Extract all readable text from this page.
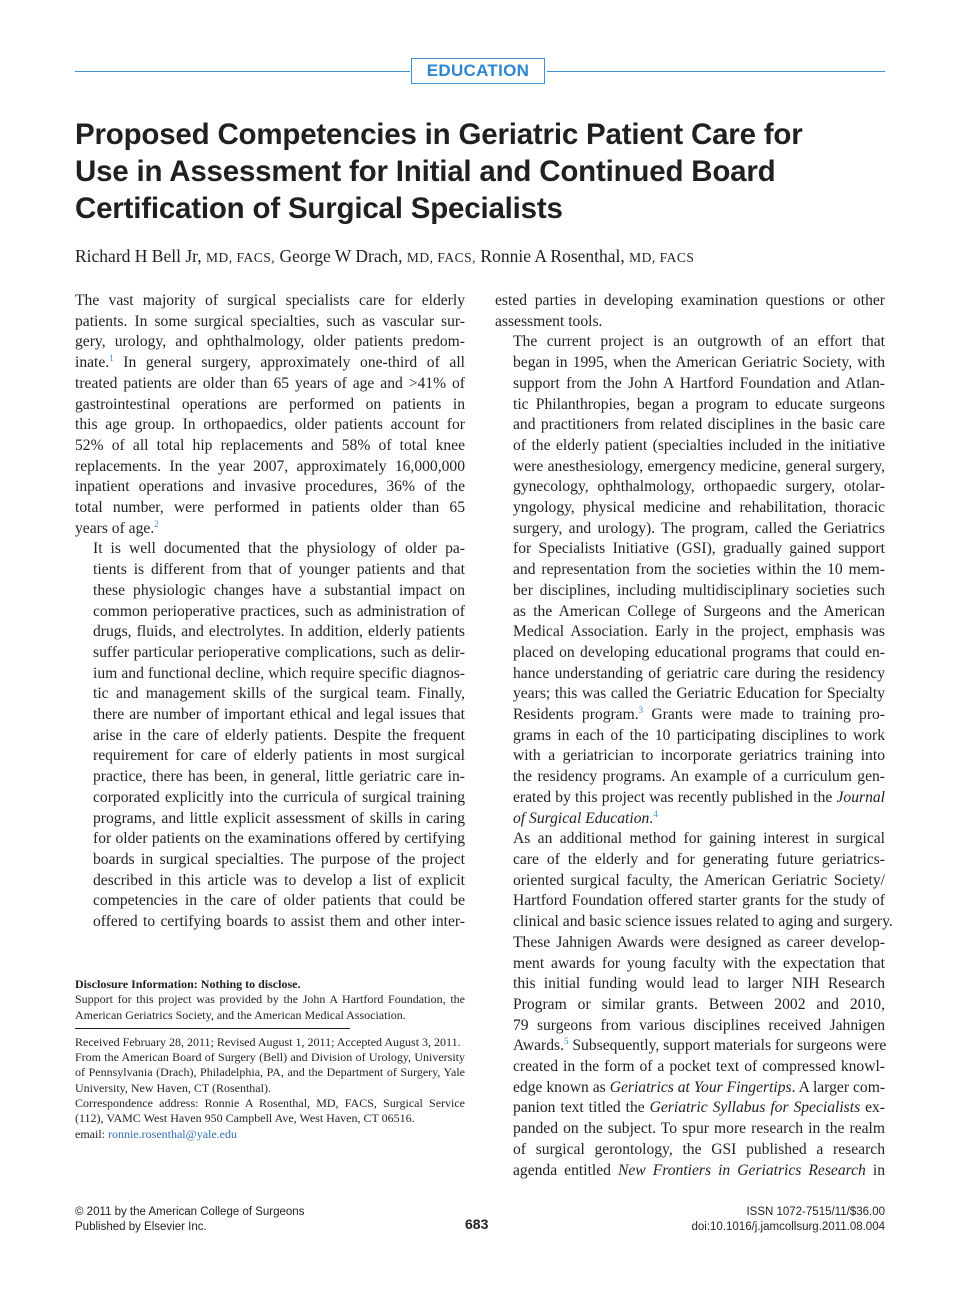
EDUCATION
Proposed Competencies in Geriatric Patient Care for
Use in Assessment for Initial and Continued Board
Certification of Surgical Specialists
Richard H Bell Jr, MD, FACS, George W Drach, MD, FACS, Ronnie A Rosenthal, MD, FACS

The vast majority of surgical specialists care for elderly
patients. In some surgical specialties, such as vascular sur-
gery, urology, and ophthalmology, older patients predom-
inate.$^1$ In general surgery, approximately one-third of all
treated patients are older than 65 years of age and >41% of
gastrointestinal operations are performed on patients in
this age group. In orthopaedics, older patients account for
52% of all total hip replacements and 58% of total knee
replacements. In the year 2007, approximately 16,000,000
inpatient operations and invasive procedures, 36% of the
total number, were performed in patients older than 65
years of age.$^2$

It is well documented that the physiology of older pa-
tients is different from that of younger patients and that
these physiologic changes have a substantial impact on
common perioperative practices, such as administration of
drugs, fluids, and electrolytes. In addition, elderly patients
suffer particular perioperative complications, such as delir-
ium and functional decline, which require specific diagnos-
tic and management skills of the surgical team. Finally,
there are number of important ethical and legal issues that
arise in the care of elderly patients. Despite the frequent
requirement for care of elderly patients in most surgical
practice, there has been, in general, little geriatric care in-
corporated explicitly into the curricula of surgical training
programs, and little explicit assessment of skills in caring
for older patients on the examinations offered by certifying
boards in surgical specialties. The purpose of the project
described in this article was to develop a list of explicit
competencies in the care of older patients that could be
offered to certifying boards to assist them and other inter-

ested parties in developing examination questions or other
assessment tools.

The current project is an outgrowth of an effort that
began in 1995, when the American Geriatric Society, with
support from the John A Hartford Foundation and Atlan-
tic Philanthropies, began a program to educate surgeons
and practitioners from related disciplines in the basic care
of the elderly patient (specialties included in the initiative
were anesthesiology, emergency medicine, general surgery,
gynecology, ophthalmology, orthopaedic surgery, otolar-
yngology, physical medicine and rehabilitation, thoracic
surgery, and urology). The program, called the Geriatrics
for Specialists Initiative (GSI), gradually gained support
and representation from the societies within the 10 mem-
ber disciplines, including multidisciplinary societies such
as the American College of Surgeons and the American
Medical Association. Early in the project, emphasis was
placed on developing educational programs that could en-
hance understanding of geriatric care during the residency
years; this was called the Geriatric Education for Specialty
Residents program.$^3$ Grants were made to training pro-
grams in each of the 10 participating disciplines to work
with a geriatrician to incorporate geriatrics training into
the residency programs. An example of a curriculum gen-
erated by this project was recently published in the Journal
of Surgical Education.$^4$

As an additional method for gaining interest in surgical
care of the elderly and for generating future geriatrics-
oriented surgical faculty, the American Geriatric Society/
Hartford Foundation offered starter grants for the study of
clinical and basic science issues related to aging and surgery.
These Jahnigen Awards were designed as career develop-
ment awards for young faculty with the expectation that
this initial funding would lead to larger NIH Research
Program or similar grants. Between 2002 and 2010,
79 surgeons from various disciplines received Jahnigen
Awards.$^5$ Subsequently, support materials for surgeons were
created in the form of a pocket text of compressed knowl-
edge known as Geriatrics at Your Fingertips. A larger com-
panion text titled the Geriatric Syllabus for Specialists ex-
panded on the subject. To spur more research in the realm
of surgical gerontology, the GSI published a research
agenda entitled New Frontiers in Geriatrics Research in

Disclosure Information: Nothing to disclose.
Support for this project was provided by the John A Hartford Foundation, the American Geriatrics Society, and the American Medical Association.
Received February 28, 2011; Revised August 1, 2011; Accepted August 3, 2011.
From the American Board of Surgery (Bell) and Division of Urology, University of Pennsylvania (Drach), Philadelphia, PA, and the Department of Surgery, Yale University, New Haven, CT (Rosenthal).
Correspondence address: Ronnie A Rosenthal, MD, FACS, Surgical Service (112), VAMC West Haven 950 Campbell Ave, West Haven, CT 06516.
email: ronnie.rosenthal@yale.edu
© 2011 by the American College of Surgeons
Published by Elsevier Inc.	683
ISSN 1072-7515/11/$36.00
doi:10.1016/j.jamcollsurg.2011.08.004
